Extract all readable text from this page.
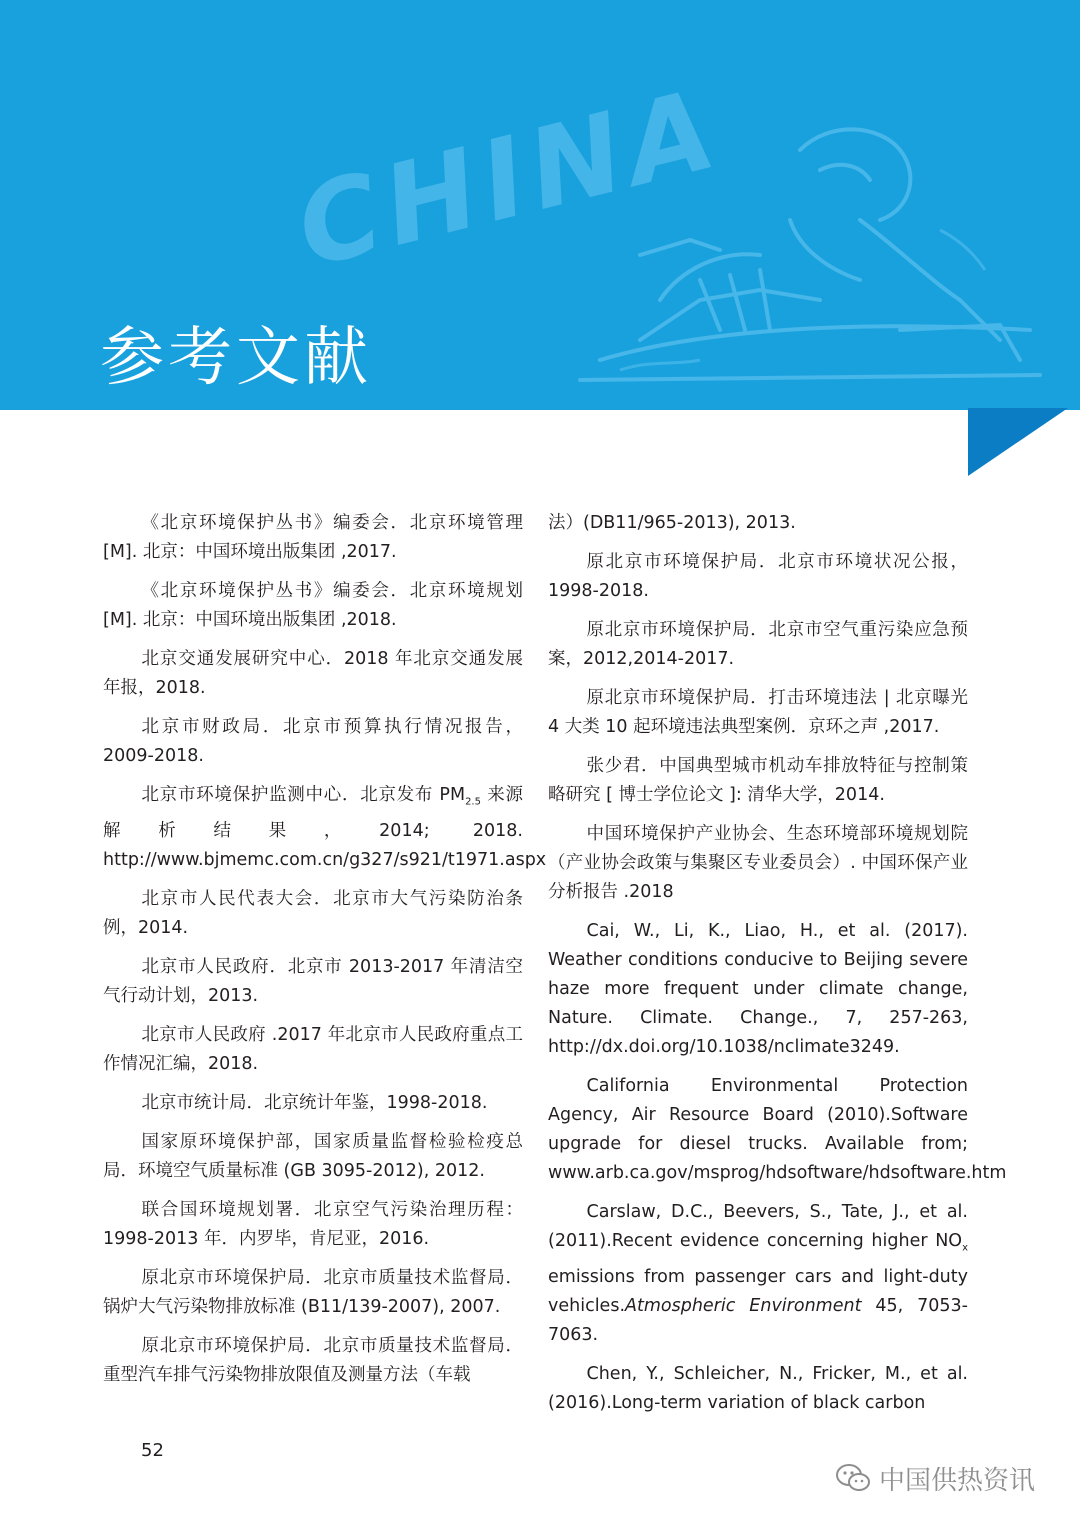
CHINA
参考文献

《北京环境保护丛书》编委会．北京环境管理[M]. 北京：中国环境出版集团 ,2017.

《北京环境保护丛书》编委会．北京环境规划[M]. 北京：中国环境出版集团 ,2018.

北京交通发展研究中心．2018 年北京交通发展年报，2018.

北京市财政局．北京市预算执行情况报告，2009-2018.

北京市环境保护监测中心．北京发布 $PM_{2.5}$ 来源解析结果，2014; 2018. http://www.bjmemc.com.cn/g327/s921/t1971.aspx

北京市人民代表大会．北京市大气污染防治条例，2014.

北京市人民政府．北京市 2013-2017 年清洁空气行动计划，2013.

北京市人民政府 .2017 年北京市人民政府重点工作情况汇编，2018.

北京市统计局．北京统计年鉴，1998-2018.

国家原环境保护部，国家质量监督检验检疫总局．环境空气质量标准 (GB 3095-2012), 2012.

联合国环境规划署．北京空气污染治理历程：1998-2013 年．内罗毕，肯尼亚，2016.

原北京市环境保护局．北京市质量技术监督局．锅炉大气污染物排放标准 (B11/139-2007), 2007.

原北京市环境保护局．北京市质量技术监督局．重型汽车排气污染物排放限值及测量方法（车载

法）(DB11/965-2013), 2013.

原北京市环境保护局．北京市环境状况公报，1998-2018.

原北京市环境保护局．北京市空气重污染应急预案，2012,2014-2017.

原北京市环境保护局．打击环境违法 | 北京曝光 4 大类 10 起环境违法典型案例．京环之声 ,2017.

张少君．中国典型城市机动车排放特征与控制策略研究 [ 博士学位论文 ]: 清华大学，2014.

中国环境保护产业协会、生态环境部环境规划院（产业协会政策与集聚区专业委员会）. 中国环保产业分析报告 .2018

Cai, W., Li, K., Liao, H., et al. (2017). Weather conditions conducive to Beijing severe haze more frequent under climate change, Nature. Climate. Change., 7, 257-263, http://dx.doi.org/10.1038/nclimate3249.

California Environmental Protection Agency, Air Resource Board (2010).Software upgrade for diesel trucks. Available from; www.arb.ca.gov/msprog/hdsoftware/hdsoftware.htm

Carslaw, D.C., Beevers, S., Tate, J., et al. (2011).Recent evidence concerning higher $NO_x$ emissions from passenger cars and light-duty vehicles.Atmospheric Environment 45, 7053-7063.

Chen, Y., Schleicher, N., Fricker, M., et al. (2016).Long-term variation of black carbon

52
中国供热资讯
